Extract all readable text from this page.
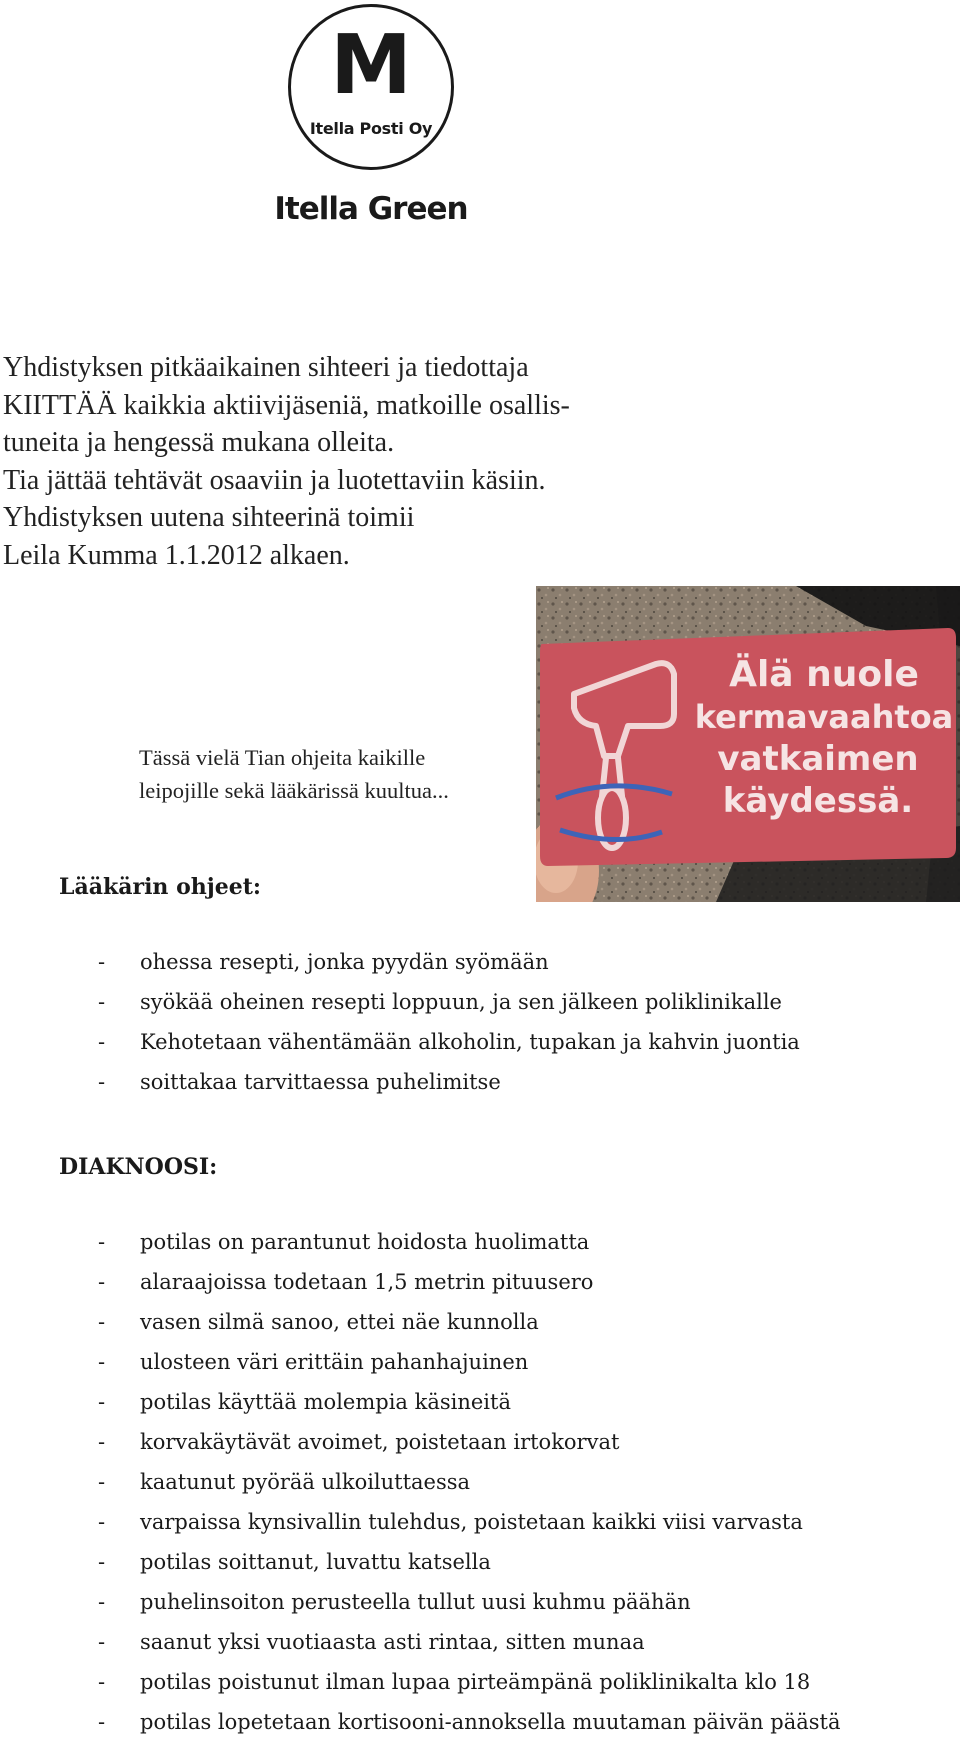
M
Itella Posti Oy
Itella Green

Yhdistyksen pitkäaikainen sihteeri ja tiedottaja
KIITTÄÄ kaikkia aktiivijäseniä, matkoille osallis-
tuneita ja hengessä mukana olleita.
Tia jättää tehtävät osaaviin ja luotettaviin käsiin.
Yhdistyksen uutena sihteerinä toimii
Leila Kumma 1.1.2012 alkaen.

Älä nuole
kermavaahtoa
vatkaimen
käydessä.

Tässä vielä Tian ohjeita kaikille
leipojille sekä lääkärissä kuultua...

Lääkärin ohjeet:
- ohessa resepti, jonka pyydän syömään
- syökää oheinen resepti loppuun, ja sen jälkeen poliklinikalle
- Kehotetaan vähentämään alkoholin, tupakan ja kahvin juontia
- soittakaa tarvittaessa puhelimitse
DIAKNOOSI:
- potilas on parantunut hoidosta huolimatta
- alaraajoissa todetaan 1,5 metrin pituusero
- vasen silmä sanoo, ettei näe kunnolla
- ulosteen väri erittäin pahanhajuinen
- potilas käyttää molempia käsineitä
- korvakäytävät avoimet, poistetaan irtokorvat
- kaatunut pyörää ulkoiluttaessa
- varpaissa kynsivallin tulehdus, poistetaan kaikki viisi varvasta
- potilas soittanut, luvattu katsella
- puhelinsoiton perusteella tullut uusi kuhmu päähän
- saanut yksi vuotiaasta asti rintaa, sitten munaa
- potilas poistunut ilman lupaa pirteämpänä poliklinikalta klo 18
- potilas lopetetaan kortisooni-annoksella muutaman päivän päästä
